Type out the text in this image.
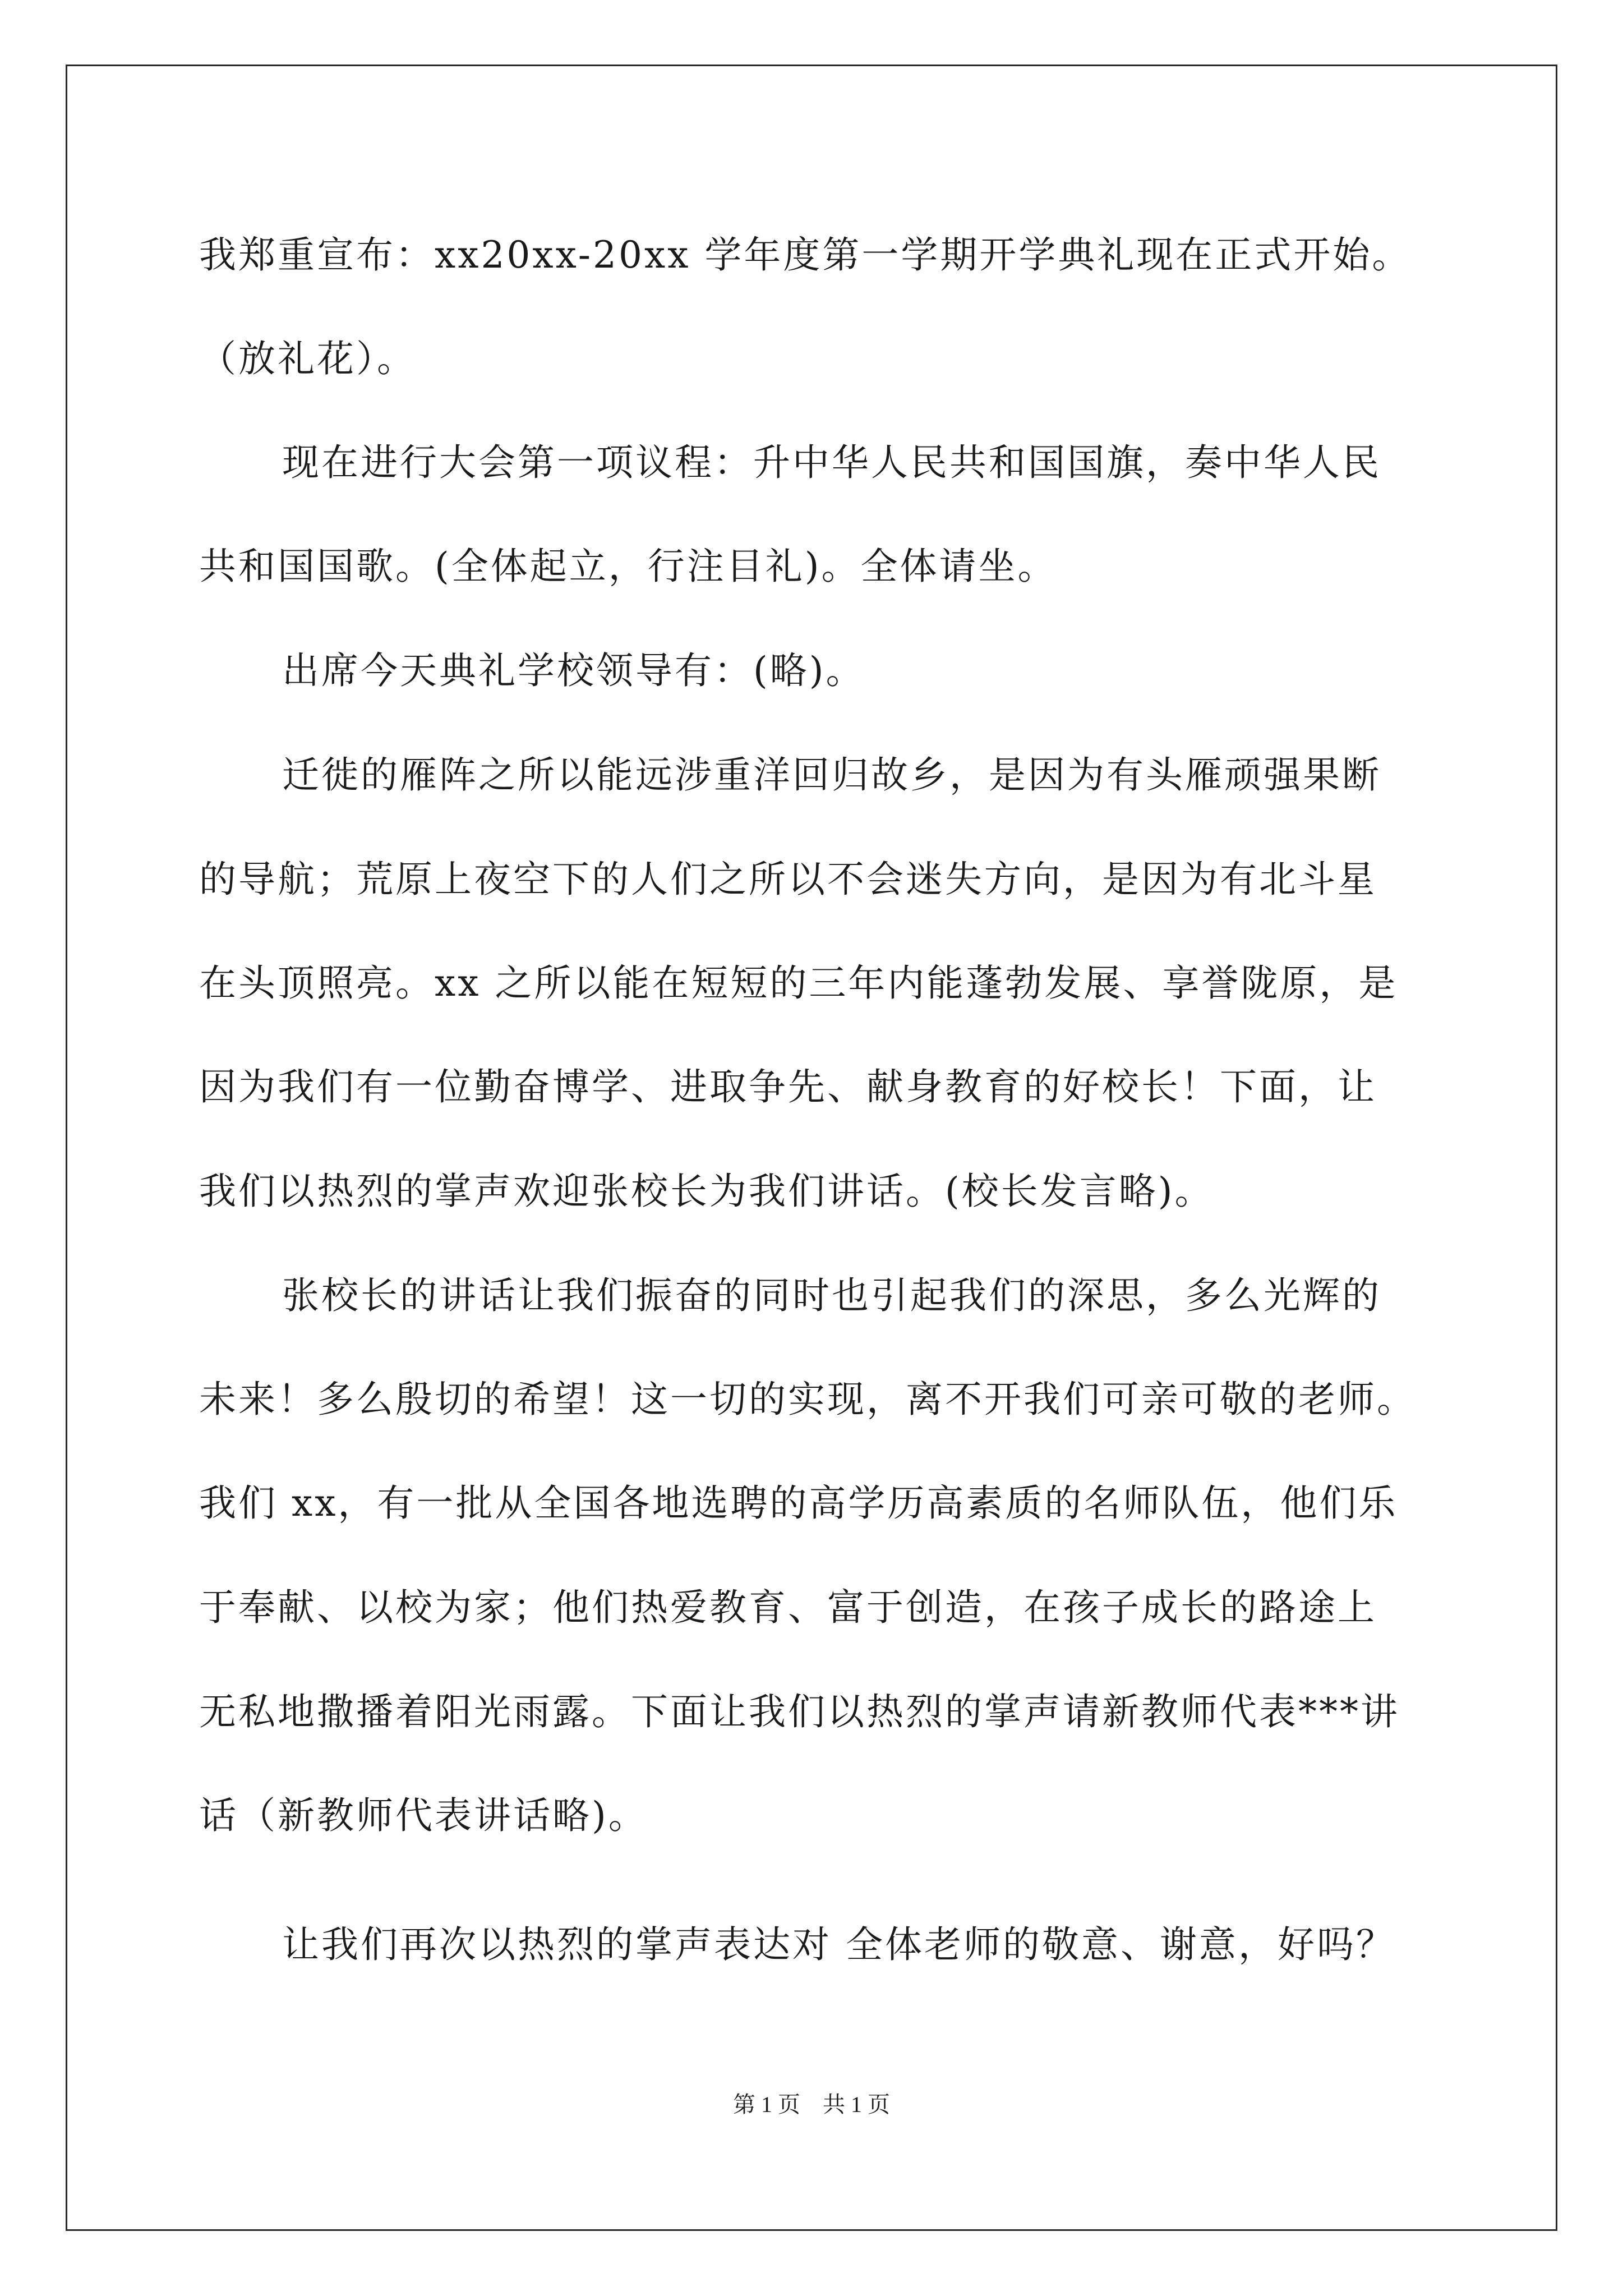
我郑重宣布：xx20xx-20xx 学年度第一学期开学典礼现在正式开始。
（放礼花）。
现在进行大会第一项议程：升中华人民共和国国旗，奏中华人民
共和国国歌。(全体起立，行注目礼)。全体请坐。
出席今天典礼学校领导有：(略)。
迁徙的雁阵之所以能远涉重洋回归故乡，是因为有头雁顽强果断
的导航；荒原上夜空下的人们之所以不会迷失方向，是因为有北斗星
在头顶照亮。xx 之所以能在短短的三年内能蓬勃发展、享誉陇原，是
因为我们有一位勤奋博学、进取争先、献身教育的好校长！下面，让
我们以热烈的掌声欢迎张校长为我们讲话。(校长发言略)。
张校长的讲话让我们振奋的同时也引起我们的深思，多么光辉的
未来！多么殷切的希望！这一切的实现，离不开我们可亲可敬的老师。
我们 xx，有一批从全国各地选聘的高学历高素质的名师队伍，他们乐
于奉献、以校为家；他们热爱教育、富于创造，在孩子成长的路途上
无私地撒播着阳光雨露。下面让我们以热烈的掌声请新教师代表***讲
话（新教师代表讲话略)。
让我们再次以热烈的掌声表达对 全体老师的敬意、谢意，好吗？
第 1 页　共 1 页
